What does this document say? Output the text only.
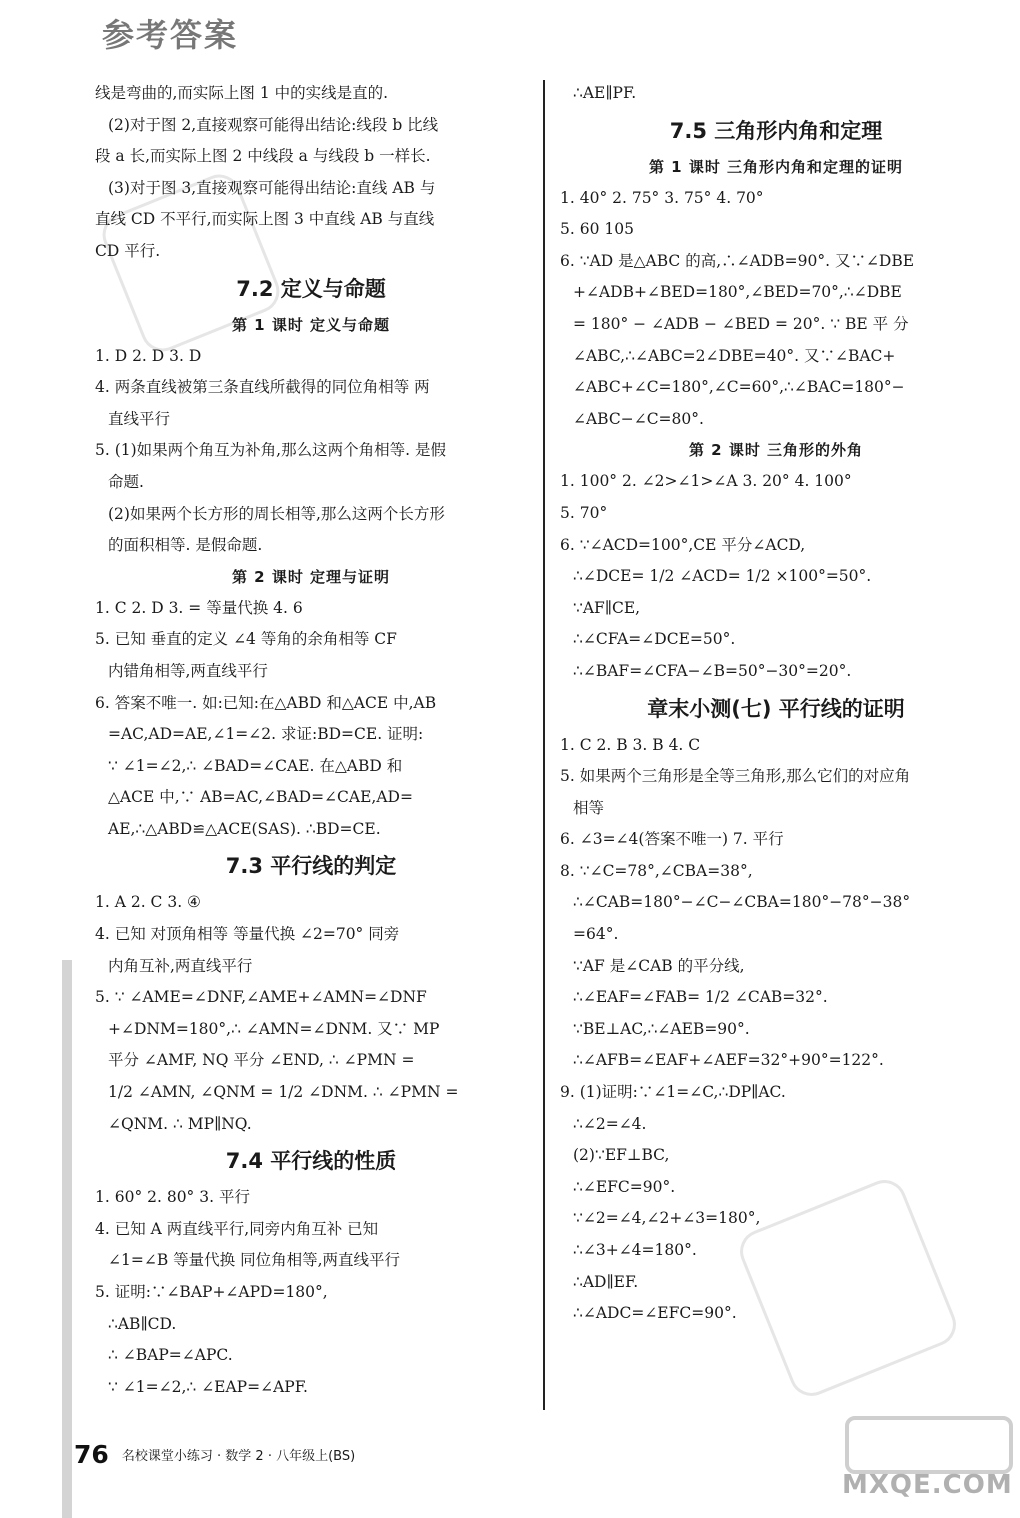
参考答案
线是弯曲的,而实际上图 1 中的实线是直的.
(2)对于图 2,直接观察可能得出结论:线段 b 比线
段 a 长,而实际上图 2 中线段 a 与线段 b 一样长.
(3)对于图 3,直接观察可能得出结论:直线 AB 与
直线 CD 不平行,而实际上图 3 中直线 AB 与直线
CD 平行.
7.2 定义与命题
第 1 课时 定义与命题
1. D 2. D 3. D
4. 两条直线被第三条直线所截得的同位角相等 两
直线平行
5. (1)如果两个角互为补角,那么这两个角相等. 是假
命题.
(2)如果两个长方形的周长相等,那么这两个长方形
的面积相等. 是假命题.
第 2 课时 定理与证明
1. C 2. D 3. = 等量代换 4. 6
5. 已知 垂直的定义 ∠4 等角的余角相等 CF
内错角相等,两直线平行
6. 答案不唯一. 如:已知:在△ABD 和△ACE 中,AB
=AC,AD=AE,∠1=∠2. 求证:BD=CE. 证明:
∵ ∠1=∠2,∴ ∠BAD=∠CAE. 在△ABD 和
△ACE 中,∵ AB=AC,∠BAD=∠CAE,AD=
AE,∴△ABD≌△ACE(SAS). ∴BD=CE.
7.3 平行线的判定
1. A 2. C 3. ④
4. 已知 对顶角相等 等量代换 ∠2=70° 同旁
内角互补,两直线平行
5. ∵ ∠AME=∠DNF,∠AME+∠AMN=∠DNF
+∠DNM=180°,∴ ∠AMN=∠DNM. 又∵ MP
平分 ∠AMF, NQ 平分 ∠END, ∴ ∠PMN =
1/2 ∠AMN, ∠QNM = 1/2 ∠DNM. ∴ ∠PMN =
∠QNM. ∴ MP∥NQ.
7.4 平行线的性质
1. 60° 2. 80° 3. 平行
4. 已知 A 两直线平行,同旁内角互补 已知
∠1=∠B 等量代换 同位角相等,两直线平行
5. 证明:∵∠BAP+∠APD=180°,
∴AB∥CD.
∴ ∠BAP=∠APC.
∵ ∠1=∠2,∴ ∠EAP=∠APF.
∴AE∥PF.
7.5 三角形内角和定理
第 1 课时 三角形内角和定理的证明
1. 40° 2. 75° 3. 75° 4. 70°
5. 60 105
6. ∵AD 是△ABC 的高,∴∠ADB=90°. 又∵∠DBE
+∠ADB+∠BED=180°,∠BED=70°,∴∠DBE
= 180° − ∠ADB − ∠BED = 20°. ∵ BE 平 分
∠ABC,∴∠ABC=2∠DBE=40°. 又∵∠BAC+
∠ABC+∠C=180°,∠C=60°,∴∠BAC=180°−
∠ABC−∠C=80°.
第 2 课时 三角形的外角
1. 100° 2. ∠2>∠1>∠A 3. 20° 4. 100°
5. 70°
6. ∵∠ACD=100°,CE 平分∠ACD,
∴∠DCE= 1/2 ∠ACD= 1/2 ×100°=50°.
∵AF∥CE,
∴∠CFA=∠DCE=50°.
∴∠BAF=∠CFA−∠B=50°−30°=20°.
章末小测(七) 平行线的证明
1. C 2. B 3. B 4. C
5. 如果两个三角形是全等三角形,那么它们的对应角
相等
6. ∠3=∠4(答案不唯一) 7. 平行
8. ∵∠C=78°,∠CBA=38°,
∴∠CAB=180°−∠C−∠CBA=180°−78°−38°
=64°.
∵AF 是∠CAB 的平分线,
∴∠EAF=∠FAB= 1/2 ∠CAB=32°.
∵BE⊥AC,∴∠AEB=90°.
∴∠AFB=∠EAF+∠AEF=32°+90°=122°.
9. (1)证明:∵∠1=∠C,∴DP∥AC.
∴∠2=∠4.
(2)∵EF⊥BC,
∴∠EFC=90°.
∵∠2=∠4,∠2+∠3=180°,
∴∠3+∠4=180°.
∴AD∥EF.
∴∠ADC=∠EFC=90°.
76 名校课堂小练习 · 数学 2 · 八年级上(BS)
MXQE.COM
